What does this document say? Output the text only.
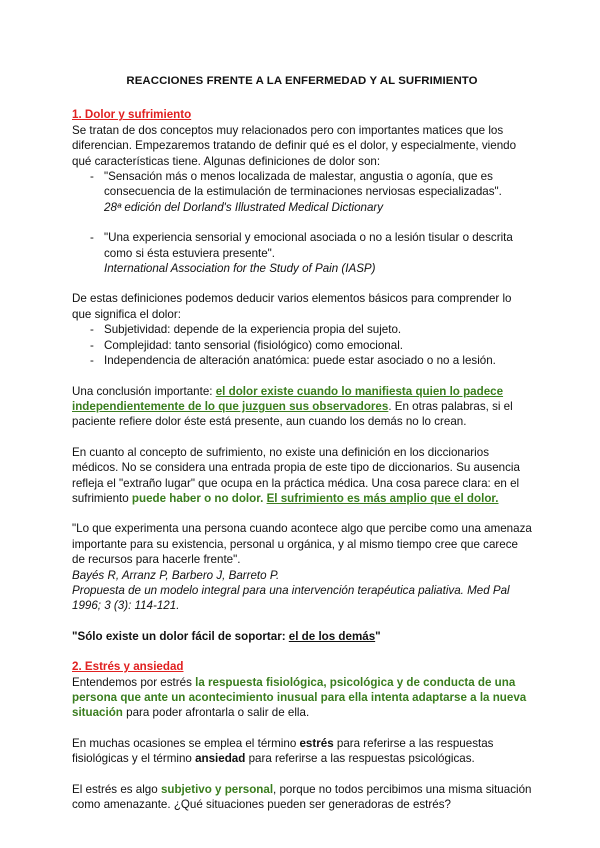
REACCIONES FRENTE A LA ENFERMEDAD Y AL SUFRIMIENTO

1. Dolor y sufrimiento

Se tratan de dos conceptos muy relacionados pero con importantes matices que los diferencian. Empezaremos tratando de definir qué es el dolor, y especialmente, viendo qué características tiene. Algunas definiciones de dolor son:

- "Sensación más o menos localizada de malestar, angustia o agonía, que es consecuencia de la estimulación de terminaciones nerviosas especializadas".

28ª edición del Dorland's Illustrated Medical Dictionary

- "Una experiencia sensorial y emocional asociada o no a lesión tisular o descrita como si ésta estuviera presente".

International Association for the Study of Pain (IASP)

De estas definiciones podemos deducir varios elementos básicos para comprender lo que significa el dolor:

- Subjetividad: depende de la experiencia propia del sujeto.
- Complejidad: tanto sensorial (fisiológico) como emocional.
- Independencia de alteración anatómica: puede estar asociado o no a lesión.

Una conclusión importante: el dolor existe cuando lo manifiesta quien lo padece independientemente de lo que juzguen sus observadores. En otras palabras, si el paciente refiere dolor éste está presente, aun cuando los demás no lo crean.

En cuanto al concepto de sufrimiento, no existe una definición en los diccionarios médicos. No se considera una entrada propia de este tipo de diccionarios. Su ausencia refleja el "extraño lugar" que ocupa en la práctica médica. Una cosa parece clara: en el sufrimiento puede haber o no dolor. El sufrimiento es más amplio que el dolor.

"Lo que experimenta una persona cuando acontece algo que percibe como una amenaza importante para su existencia, personal u orgánica, y al mismo tiempo cree que carece de recursos para hacerle frente".

Bayés R, Arranz P, Barbero J, Barreto P.

Propuesta de un modelo integral para una intervención terapéutica paliativa. Med Pal 1996; 3 (3): 114-121.

"Sólo existe un dolor fácil de soportar: el de los demás"

2. Estrés y ansiedad

Entendemos por estrés la respuesta fisiológica, psicológica y de conducta de una persona que ante un acontecimiento inusual para ella intenta adaptarse a la nueva situación para poder afrontarla o salir de ella.

En muchas ocasiones se emplea el término estrés para referirse a las respuestas fisiológicas y el término ansiedad para referirse a las respuestas psicológicas.

El estrés es algo subjetivo y personal, porque no todos percibimos una misma situación como amenazante. ¿Qué situaciones pueden ser generadoras de estrés?
